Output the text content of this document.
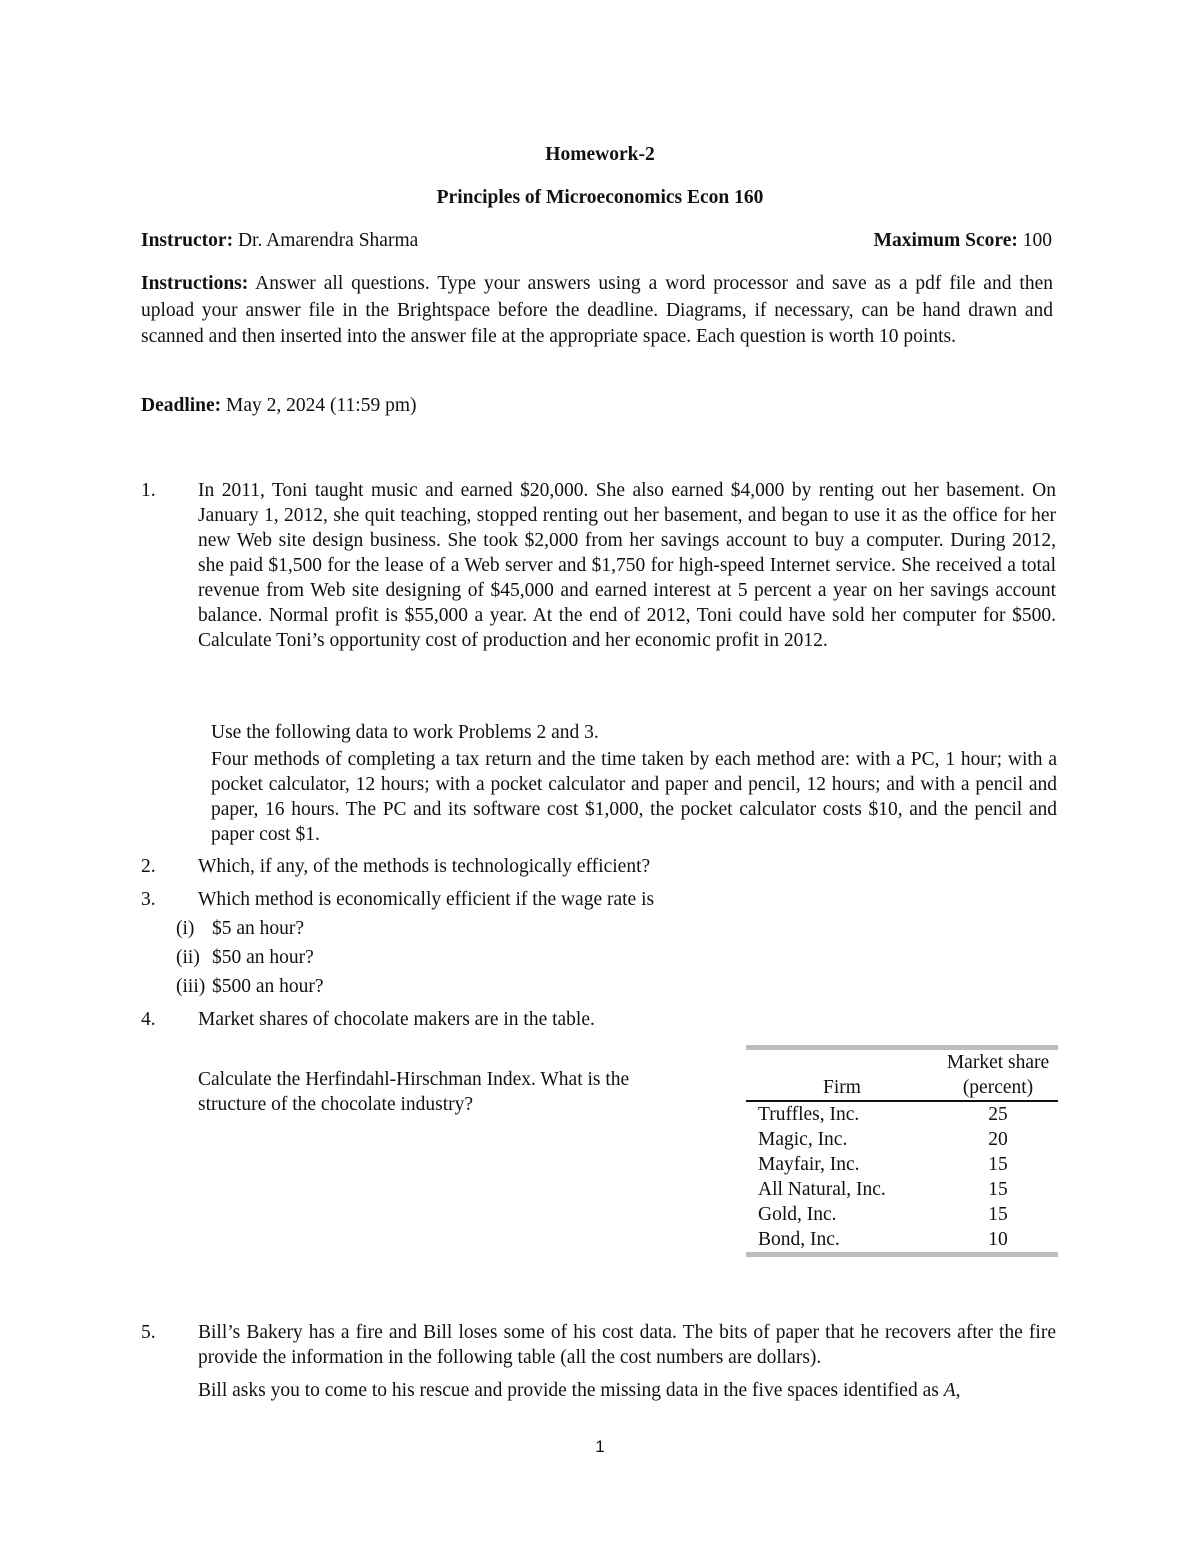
Homework-2
Principles of Microeconomics Econ 160
Instructor: Dr. Amarendra Sharma	Maximum Score: 100
Instructions: Answer all questions. Type your answers using a word processor and save as a pdf file and then upload your answer file in the Brightspace before the deadline. Diagrams, if necessary, can be hand drawn and scanned and then inserted into the answer file at the appropriate space. Each question is worth 10 points.
Deadline: May 2, 2024 (11:59 pm)
1. In 2011, Toni taught music and earned $20,000. She also earned $4,000 by renting out her basement. On January 1, 2012, she quit teaching, stopped renting out her basement, and began to use it as the office for her new Web site design business. She took $2,000 from her savings account to buy a computer. During 2012, she paid $1,500 for the lease of a Web server and $1,750 for high-speed Internet service. She received a total revenue from Web site designing of $45,000 and earned interest at 5 percent a year on her savings account balance. Normal profit is $55,000 a year. At the end of 2012, Toni could have sold her computer for $500. Calculate Toni’s opportunity cost of production and her economic profit in 2012.
Use the following data to work Problems 2 and 3.
Four methods of completing a tax return and the time taken by each method are: with a PC, 1 hour; with a pocket calculator, 12 hours; with a pocket calculator and paper and pencil, 12 hours; and with a pencil and paper, 16 hours. The PC and its software cost $1,000, the pocket calculator costs $10, and the pencil and paper cost $1.
2. Which, if any, of the methods is technologically efficient?
3. Which method is economically efficient if the wage rate is
(i) $5 an hour?
(ii) $50 an hour?
(iii) $500 an hour?
4. Market shares of chocolate makers are in the table.
Calculate the Herfindahl-Hirschman Index. What is the structure of the chocolate industry?
	Market share
Firm	(percent)
Truffles, Inc.	25
Magic, Inc.	20
Mayfair, Inc.	15
All Natural, Inc.	15
Gold, Inc.	15
Bond, Inc.	10
5. Bill’s Bakery has a fire and Bill loses some of his cost data. The bits of paper that he recovers after the fire provide the information in the following table (all the cost numbers are dollars).
Bill asks you to come to his rescue and provide the missing data in the five spaces identified as A,
1
